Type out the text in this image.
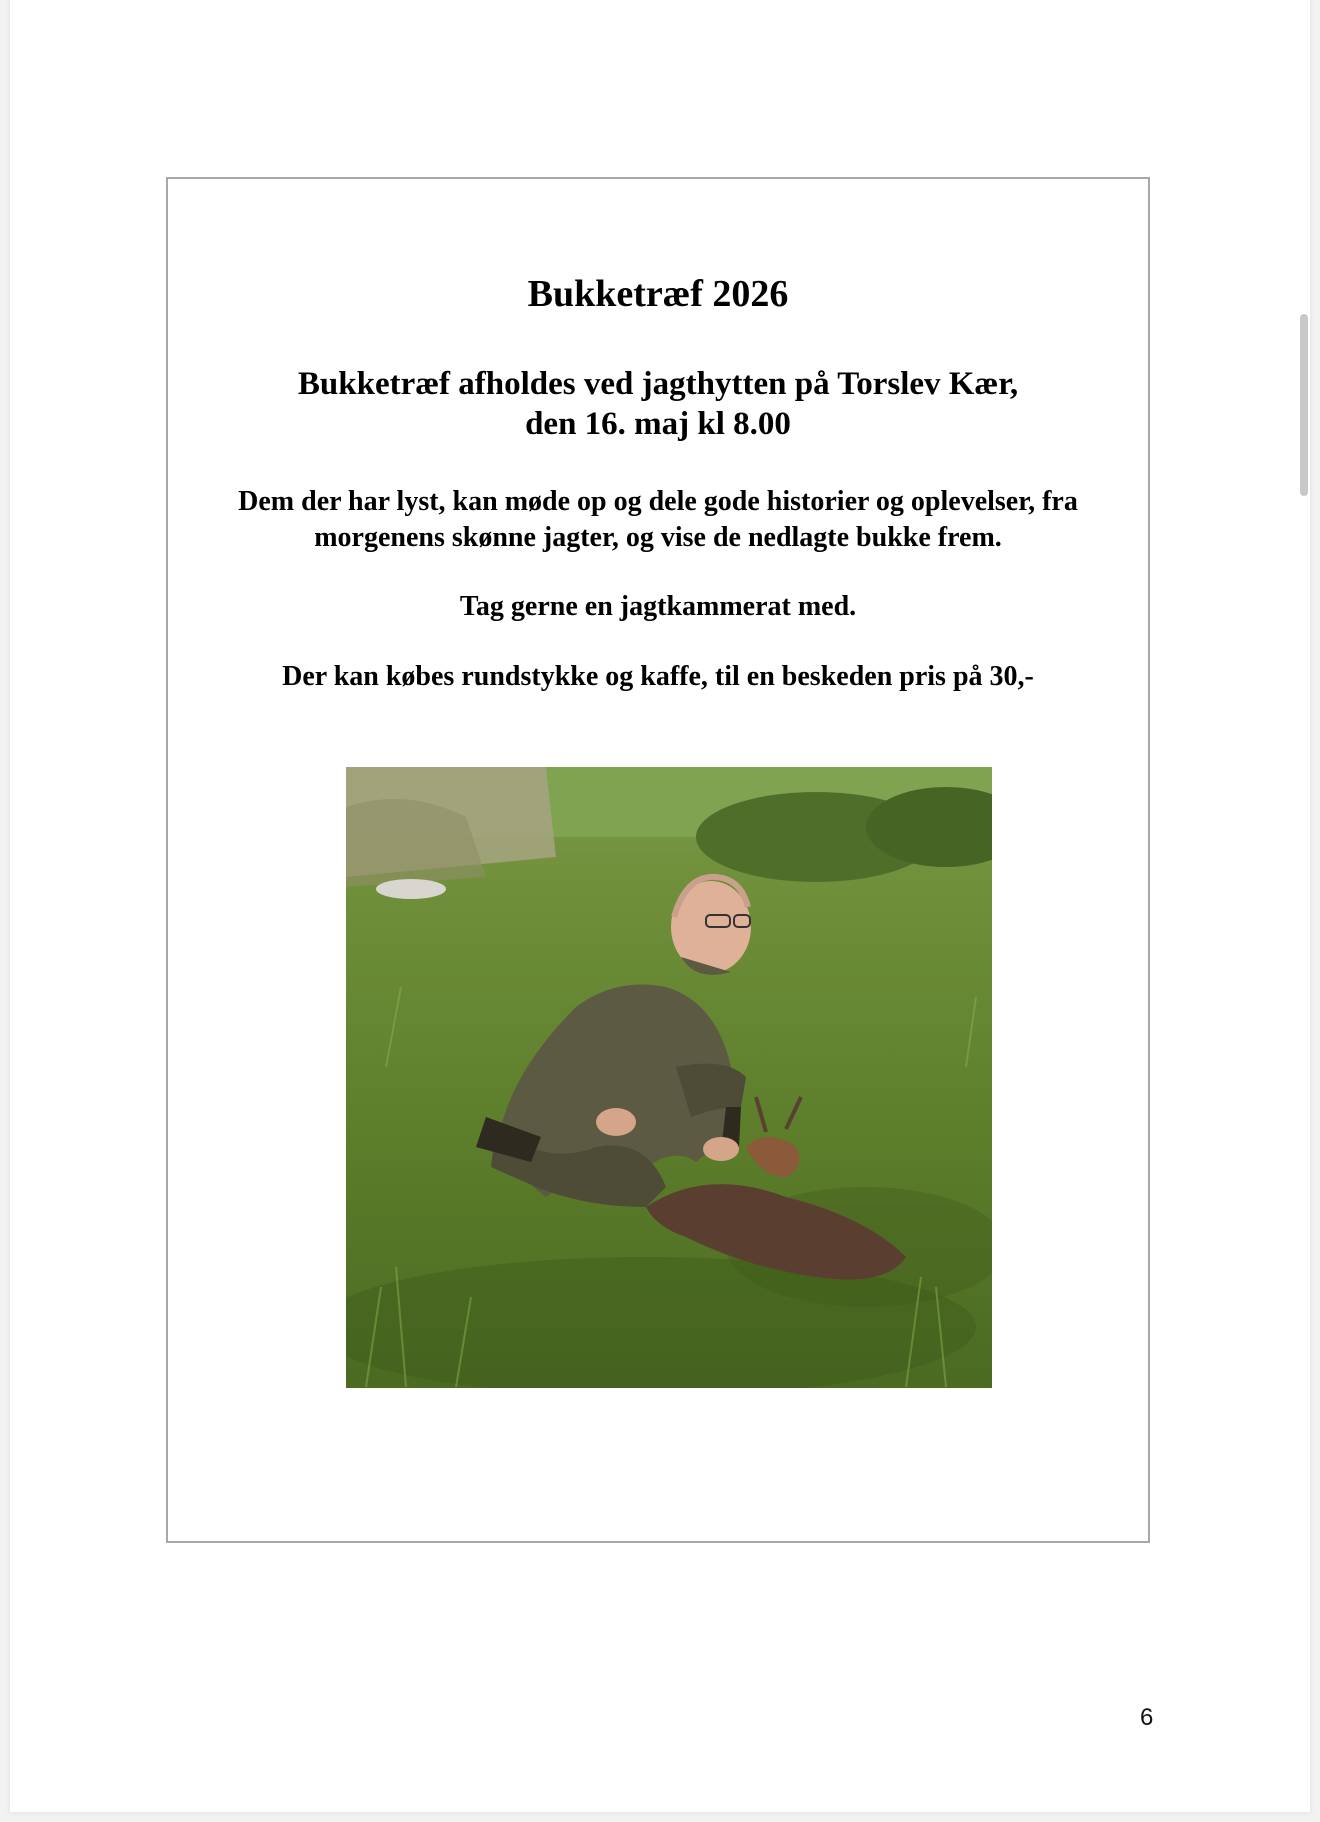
Bukketræf 2026

Bukketræf afholdes ved jagthytten på Torslev Kær,
den 16. maj kl 8.00
Dem der har lyst, kan møde op og dele gode historier og oplevelser, fra
morgenens skønne jagter, og vise de nedlagte bukke frem.

Tag gerne en jagtkammerat med.

Der kan købes rundstykke og kaffe, til en beskeden pris på 30,-

6
